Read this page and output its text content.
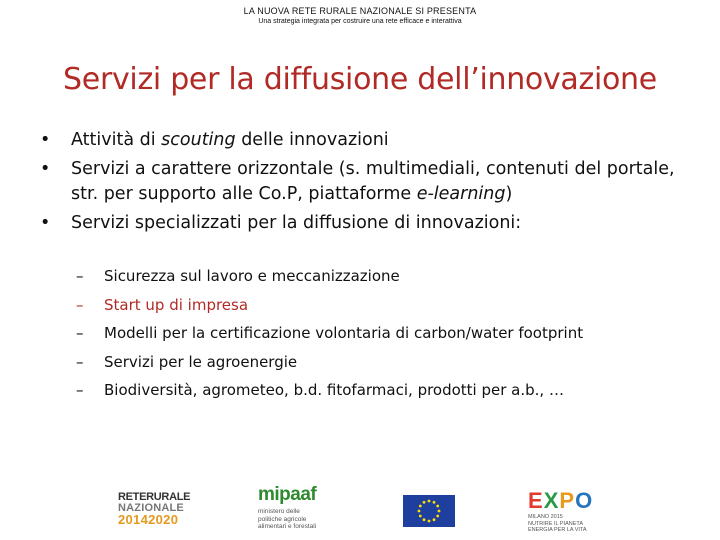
LA NUOVA RETE RURALE NAZIONALE SI PRESENTA
Una strategia integrata per costruire una rete efficace e interattiva
Servizi per la diffusione dell’innovazione
• Attività di scouting delle innovazioni
• Servizi a carattere orizzontale (s. multimediali, contenuti del portale, str. per supporto alle Co.P, piattaforme e-learning)
• Servizi specializzati per la diffusione di innovazioni:
– Sicurezza sul lavoro e meccanizzazione
– Start up di impresa
– Modelli per la certificazione volontaria di carbon/water footprint
– Servizi per le agroenergie
– Biodiversità, agrometeo, b.d. fitofarmaci, prodotti per a.b., …
RETERURALE
NAZIONALE
20142020
mipaaf
ministero delle
politiche agricole
alimentari e forestali
EXPO
MILANO 2015
NUTRIRE IL PIANETA
ENERGIA PER LA VITA
